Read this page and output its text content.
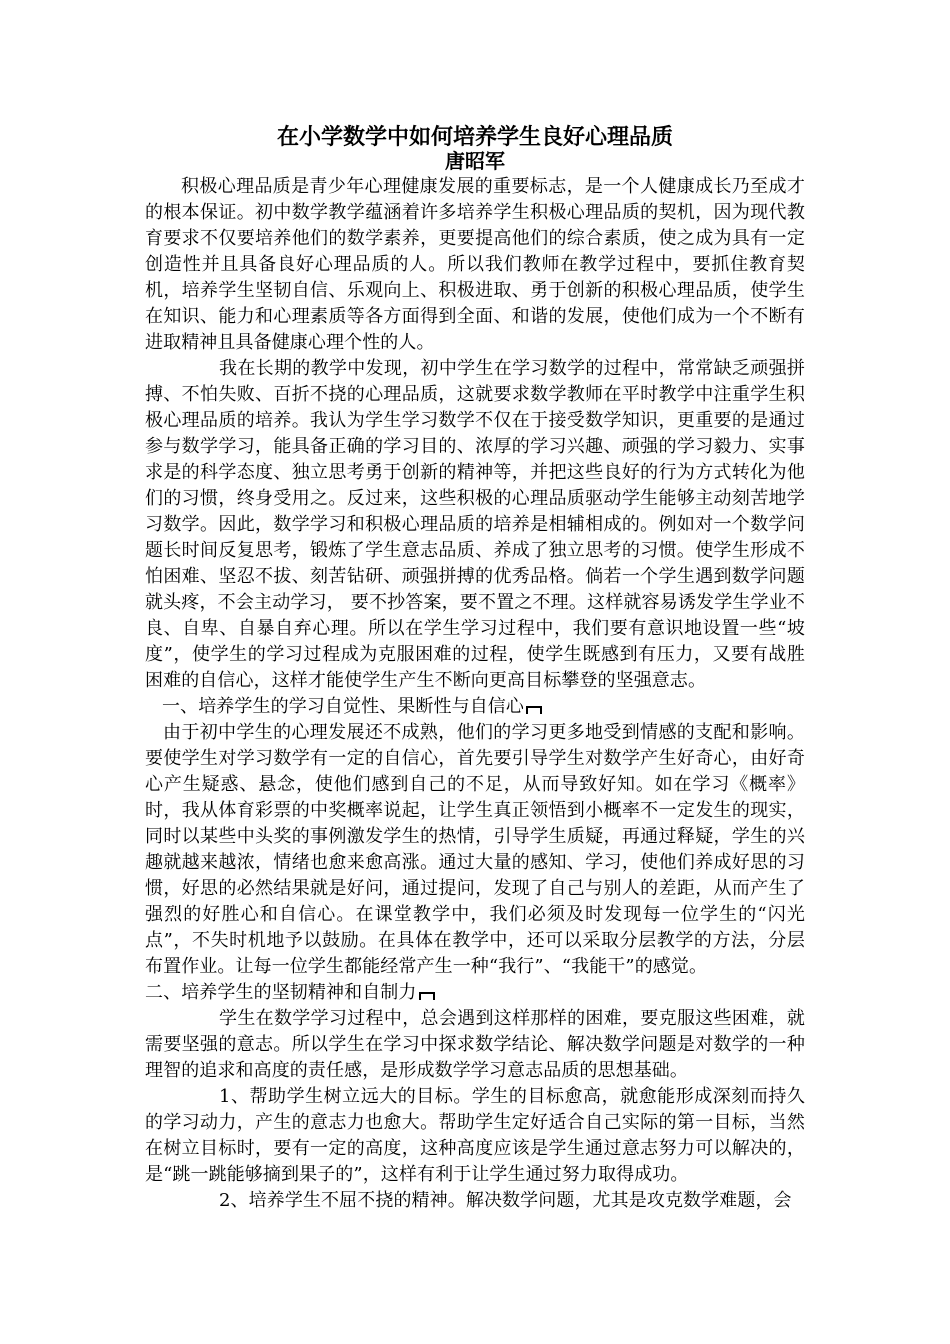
在小学数学中如何培养学生良好心理品质
唐昭军

积极心理品质是青少年心理健康发展的重要标志，是一个人健康成长乃至成才的根本保证。初中数学教学蕴涵着许多培养学生积极心理品质的契机，因为现代教育要求不仅要培养他们的数学素养，更要提高他们的综合素质，使之成为具有一定创造性并且具备良好心理品质的人。所以我们教师在教学过程中，要抓住教育契机，培养学生坚韧自信、乐观向上、积极进取、勇于创新的积极心理品质，使学生在知识、能力和心理素质等各方面得到全面、和谐的发展，使他们成为一个不断有进取精神且具备健康心理个性的人。

我在长期的教学中发现，初中学生在学习数学的过程中，常常缺乏顽强拼搏、不怕失败、百折不挠的心理品质，这就要求数学教师在平时教学中注重学生积极心理品质的培养。我认为学生学习数学不仅在于接受数学知识，更重要的是通过参与数学学习，能具备正确的学习目的、浓厚的学习兴趣、顽强的学习毅力、实事求是的科学态度、独立思考勇于创新的精神等，并把这些良好的行为方式转化为他们的习惯，终身受用之。反过来，这些积极的心理品质驱动学生能够主动刻苦地学习数学。因此，数学学习和积极心理品质的培养是相辅相成的。例如对一个数学问题长时间反复思考，锻炼了学生意志品质、养成了独立思考的习惯。使学生形成不怕困难、坚忍不拔、刻苦钻研、顽强拼搏的优秀品格。倘若一个学生遇到数学问题就头疼，不会主动学习， 要不抄答案，要不置之不理。这样就容易诱发学生学业不良、自卑、自暴自弃心理。所以在学生学习过程中，我们要有意识地设置一些“坡度”，使学生的学习过程成为克服困难的过程，使学生既感到有压力，又要有战胜困难的自信心，这样才能使学生产生不断向更高目标攀登的坚强意志。

一、培养学生的学习自觉性、果断性与自信心

由于初中学生的心理发展还不成熟，他们的学习更多地受到情感的支配和影响。要使学生对学习数学有一定的自信心，首先要引导学生对数学产生好奇心，由好奇心产生疑惑、悬念，使他们感到自己的不足，从而导致好知。如在学习《概率》时，我从体育彩票的中奖概率说起，让学生真正领悟到小概率不一定发生的现实，同时以某些中头奖的事例激发学生的热情，引导学生质疑，再通过释疑，学生的兴趣就越来越浓，情绪也愈来愈高涨。通过大量的感知、学习，使他们养成好思的习惯，好思的必然结果就是好问，通过提问，发现了自己与别人的差距，从而产生了强烈的好胜心和自信心。在课堂教学中，我们必须及时发现每一位学生的“闪光点”，不失时机地予以鼓励。在具体在教学中，还可以采取分层教学的方法，分层布置作业。让每一位学生都能经常产生一种“我行”、“我能干”的感觉。

二、培养学生的坚韧精神和自制力

学生在数学学习过程中，总会遇到这样那样的困难，要克服这些困难，就需要坚强的意志。所以学生在学习中探求数学结论、解决数学问题是对数学的一种理智的追求和高度的责任感，是形成数学学习意志品质的思想基础。

1、帮助学生树立远大的目标。学生的目标愈高，就愈能形成深刻而持久的学习动力，产生的意志力也愈大。帮助学生定好适合自己实际的第一目标，当然在树立目标时，要有一定的高度，这种高度应该是学生通过意志努力可以解决的，是“跳一跳能够摘到果子的”，这样有利于让学生通过努力取得成功。

2、培养学生不屈不挠的精神。解决数学问题，尤其是攻克数学难题，会
